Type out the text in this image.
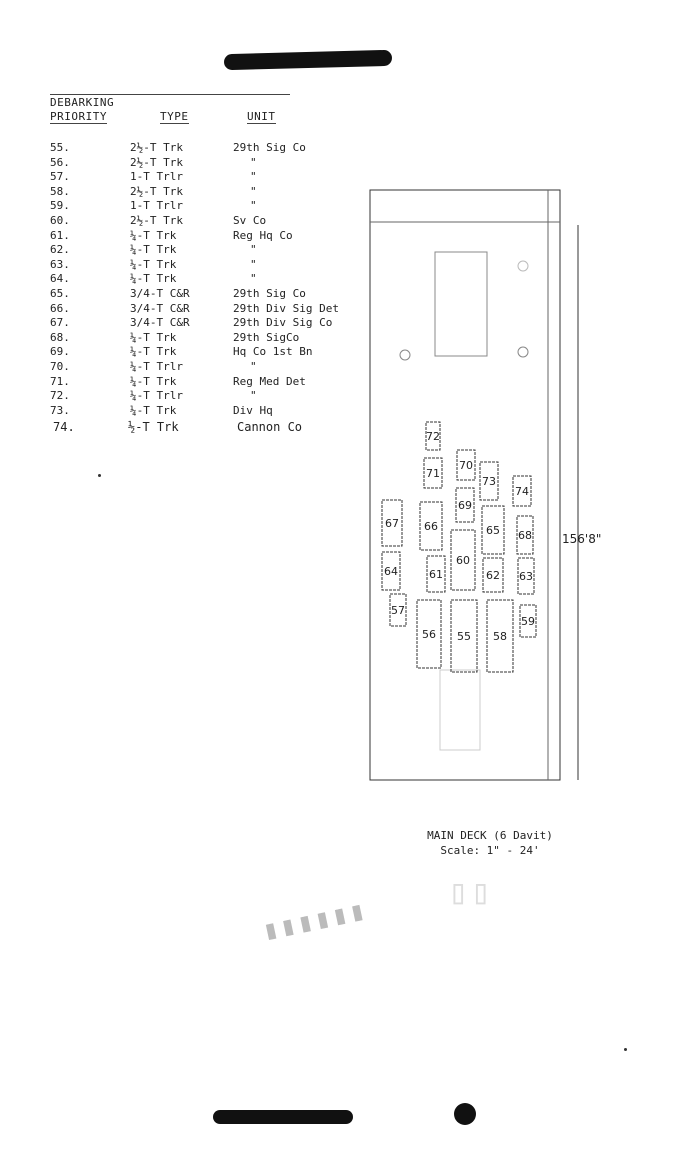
DEBARKING
PRIORITY	TYPE	UNIT
55.	2½-T Trk	29th Sig Co
56.	2½-T Trk	"
57.	1-T Trlr	"
58.	2½-T Trk	"
59.	1-T Trlr	"
60.	2½-T Trk	Sv Co
61.	¼-T Trk	Reg Hq Co
62.	¼-T Trk	"
63.	¼-T Trk	"
64.	¼-T Trk	"
65.	3/4-T C&R	29th Sig Co
66.	3/4-T C&R	29th Div Sig Det
67.	3/4-T C&R	29th Div Sig Co
68.	¼-T Trk	29th SigCo
69.	¼-T Trk	Hq Co 1st Bn
70.	¼-T Trlr	"
71.	¼-T Trk	Reg Med Det
72.	¼-T Trlr	"
73.	¼-T Trk	Div Hq
74.	½-T Trk	Cannon Co
72
70
73
71
74
69
67 66	65 68
60
64	61	62 63
57
56 55 58
59
156'8"
MAIN DECK (6 Davit)
Scale: 1" - 24'
▮▮▮▮▮▮
▯▯
